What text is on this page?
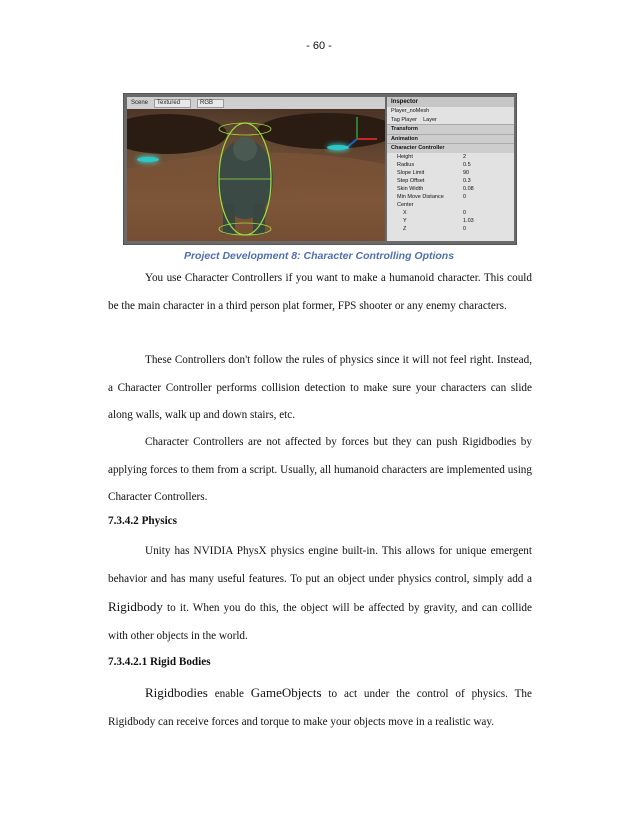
- 60 -
Scene	Textured	RGB	Inspector
Player_noMesh
Tag Player Layer
Transform
Animation
Character Controller
Height	2
Radius	0.5
Slope Limit	90
Step Offset	0.3
Skin Width	0.08
Min Move Distance	0
Center
X	0
Y	1.03
Z	0
Project Development 8: Character Controlling Options

You use Character Controllers if you want to make a humanoid character. This could be the main character in a third person plat former, FPS shooter or any enemy characters.

These Controllers don't follow the rules of physics since it will not feel right. Instead, a Character Controller performs collision detection to make sure your characters can slide along walls, walk up and down stairs, etc.

Character Controllers are not affected by forces but they can push Rigidbodies by applying forces to them from a script. Usually, all humanoid characters are implemented using Character Controllers.

7.3.4.2 Physics

Unity has NVIDIA PhysX physics engine built-in. This allows for unique emergent behavior and has many useful features. To put an object under physics control, simply add a Rigidbody to it. When you do this, the object will be affected by gravity, and can collide with other objects in the world.

7.3.4.2.1 Rigid Bodies

Rigidbodies enable GameObjects to act under the control of physics. The Rigidbody can receive forces and torque to make your objects move in a realistic way.
